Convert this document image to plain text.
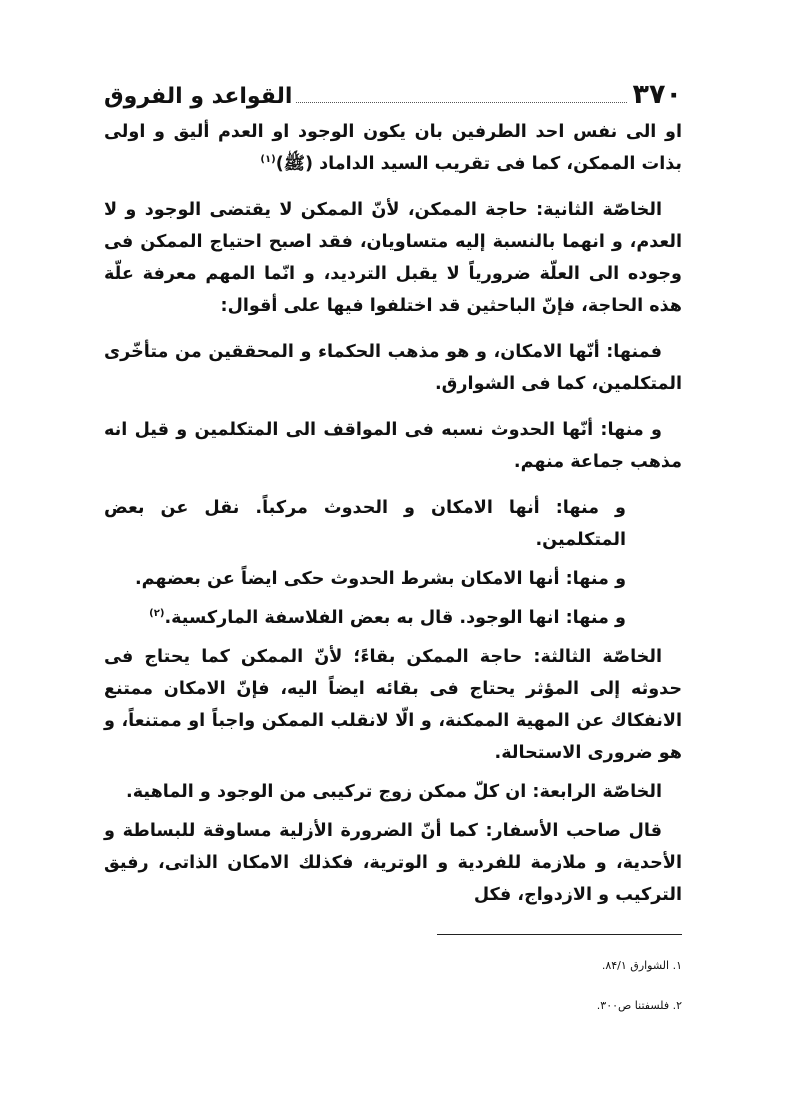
۳۷۰
القواعد و الفروق

او الى نفس احد الطرفين بان يكون الوجود او العدم أليق و اولى بذات الممكن، كما فى تقريب السيد الداماد (ﷺ)$^{(۱)}$

الخاصّة الثانية: حاجة الممكن، لأنّ الممكن لا يقتضى الوجود و لا العدم، و انهما بالنسبة إليه متساويان، فقد اصبح احتياج الممكن فى وجوده الى العلّة ضرورياً لا يقبل الترديد، و انّما المهم معرفة علّة هذه الحاجة، فإنّ الباحثين قد اختلفوا فيها على أقوال:

فمنها: أنّها الامكان، و هو مذهب الحكماء و المحققين من متأخّرى المتكلمين، كما فى الشوارق.

و منها: أنّها الحدوث نسبه فى المواقف الى المتكلمين و قيل انه مذهب جماعة منهم.

و منها: أنها الامكان و الحدوث مركباً. نقل عن بعض المتكلمين.

و منها: أنها الامكان بشرط الحدوث حكى ايضاً عن بعضهم.

و منها: انها الوجود. قال به بعض الفلاسفة الماركسية.$^{(۲)}$

الخاصّة الثالثة: حاجة الممكن بقاءً؛ لأنّ الممكن كما يحتاج فى حدوثه إلى المؤثر يحتاج فى بقائه ايضاً اليه، فإنّ الامكان ممتنع الانفكاك عن المهية الممكنة، و الّا لانقلب الممكن واجباً او ممتنعاً، و هو ضرورى الاستحالة.

الخاصّة الرابعة: ان كلّ ممكن زوج تركيبى من الوجود و الماهية.

قال صاحب الأسفار: كما أنّ الضرورة الأزلية مساوقة للبساطة و الأحدية، و ملازمة للفردية و الوترية، فكذلك الامكان الذاتى، رفيق التركيب و الازدواج، فكل

۱. الشوارق ۸۴/۱.
۲. فلسفتنا ص۳۰۰.
